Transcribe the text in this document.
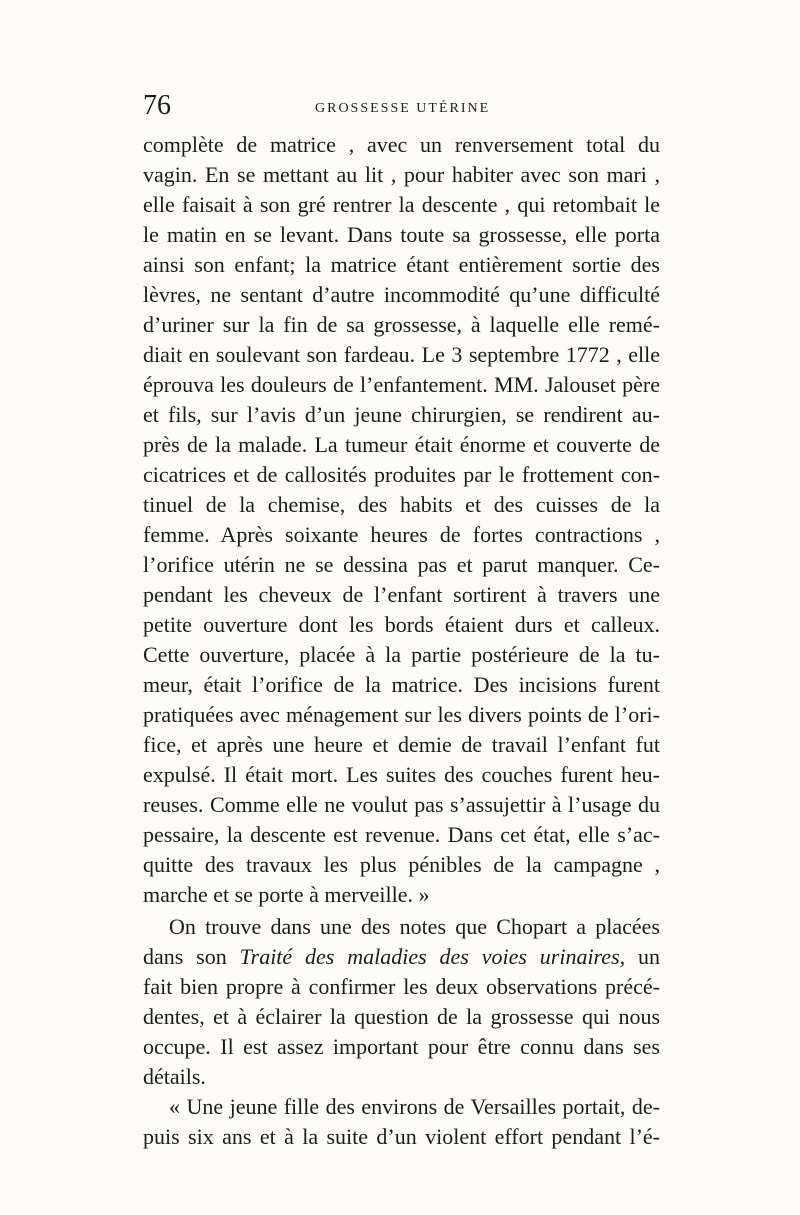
76	GROSSESSE UTÉRINE
complète de matrice , avec un renversement total du
vagin. En se mettant au lit , pour habiter avec son mari ,
elle faisait à son gré rentrer la descente , qui retombait le
le matin en se levant. Dans toute sa grossesse, elle porta
ainsi son enfant; la matrice étant entièrement sortie des
lèvres, ne sentant d’autre incommodité qu’une difficulté
d’uriner sur la fin de sa grossesse, à laquelle elle remé-
diait en soulevant son fardeau. Le 3 septembre 1772 , elle
éprouva les douleurs de l’enfantement. MM. Jalouset père
et fils, sur l’avis d’un jeune chirurgien, se rendirent au-
près de la malade. La tumeur était énorme et couverte de
cicatrices et de callosités produites par le frottement con-
tinuel de la chemise, des habits et des cuisses de la
femme. Après soixante heures de fortes contractions ,
l’orifice utérin ne se dessina pas et parut manquer. Ce-
pendant les cheveux de l’enfant sortirent à travers une
petite ouverture dont les bords étaient durs et calleux.
Cette ouverture, placée à la partie postérieure de la tu-
meur, était l’orifice de la matrice. Des incisions furent
pratiquées avec ménagement sur les divers points de l’ori-
fice, et après une heure et demie de travail l’enfant fut
expulsé. Il était mort. Les suites des couches furent heu-
reuses. Comme elle ne voulut pas s’assujettir à l’usage du
pessaire, la descente est revenue. Dans cet état, elle s’ac-
quitte des travaux les plus pénibles de la campagne ,
marche et se porte à merveille. »
On trouve dans une des notes que Chopart a placées
dans son Traité des maladies des voies urinaires, un
fait bien propre à confirmer les deux observations précé-
dentes, et à éclairer la question de la grossesse qui nous
occupe. Il est assez important pour être connu dans ses
détails.
« Une jeune fille des environs de Versailles portait, de-
puis six ans et à la suite d’un violent effort pendant l’é-
